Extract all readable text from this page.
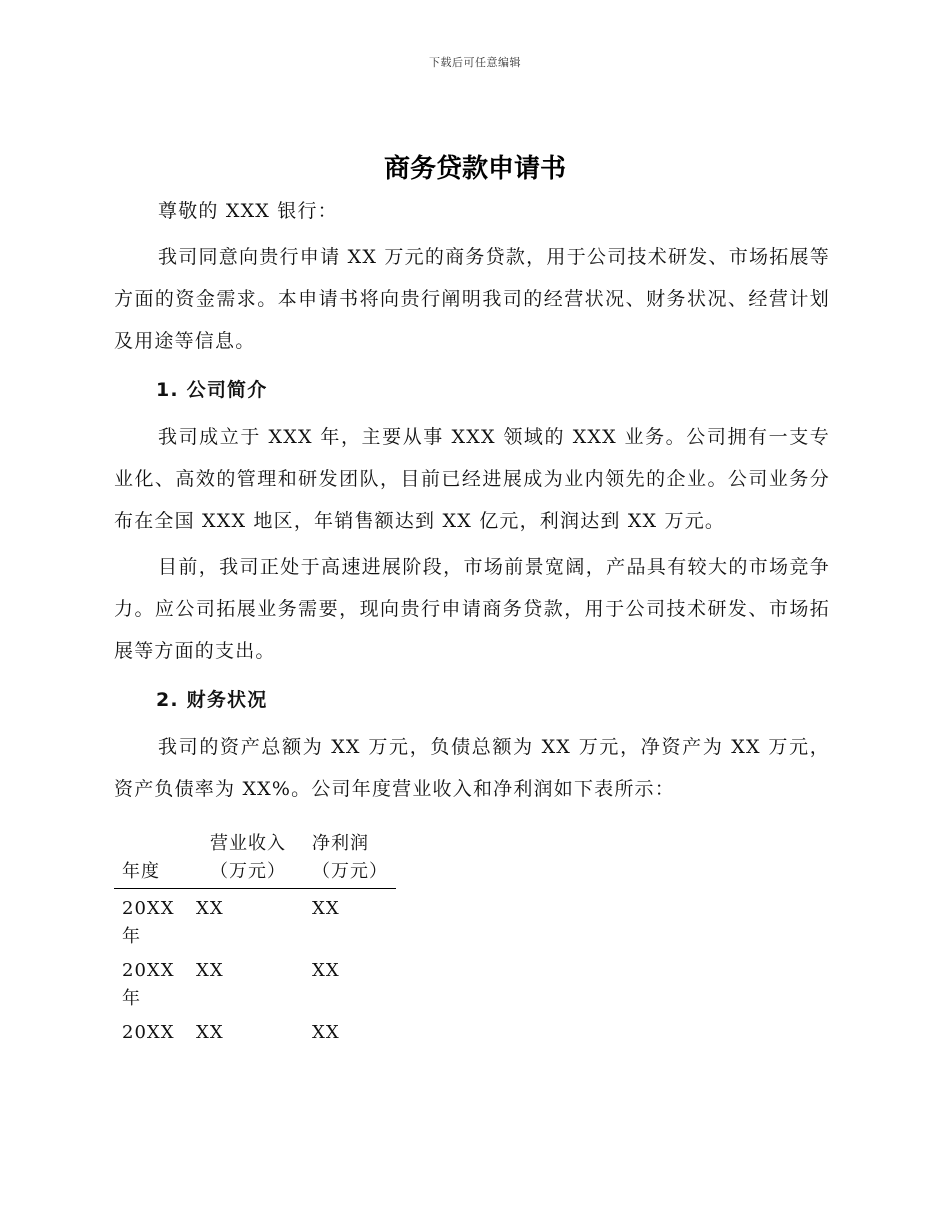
下载后可任意编辑
商务贷款申请书

尊敬的 XXX 银行：

我司同意向贵行申请 XX 万元的商务贷款，用于公司技术研发、市场拓展等方面的资金需求。本申请书将向贵行阐明我司的经营状况、财务状况、经营计划及用途等信息。

1. 公司简介

我司成立于 XXX 年，主要从事 XXX 领域的 XXX 业务。公司拥有一支专业化、高效的管理和研发团队，目前已经进展成为业内领先的企业。公司业务分布在全国 XXX 地区，年销售额达到 XX 亿元，利润达到 XX 万元。

目前，我司正处于高速进展阶段，市场前景宽阔，产品具有较大的市场竞争力。应公司拓展业务需要，现向贵行申请商务贷款，用于公司技术研发、市场拓展等方面的支出。

2. 财务状况

我司的资产总额为 XX 万元，负债总额为 XX 万元，净资产为 XX 万元，资产负债率为 XX%。公司年度营业收入和净利润如下表所示：

年度	营业收入（万元）	净利润（万元）
20XX 年	XX	XX
20XX 年	XX	XX
20XX	XX	XX
